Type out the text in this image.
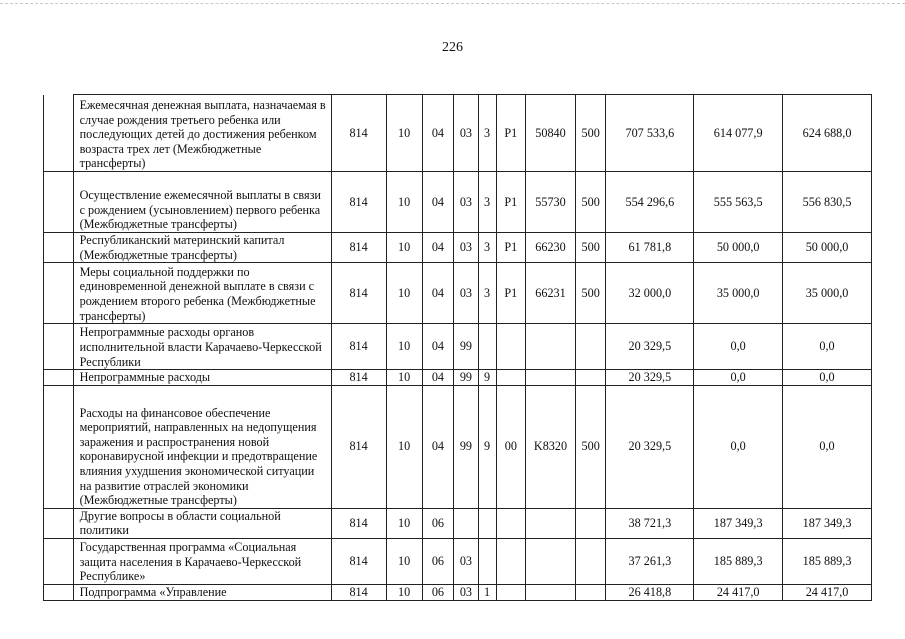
226
	Ежемесячная денежная выплата, назначаемая в случае рождения третьего ребенка или последующих детей до достижения ребенком возраста трех лет (Межбюджетные трансферты)	814	10	04	03	3	P1	50840	500	707 533,6	614 077,9	624 688,0
	Осуществление ежемесячной выплаты в связи с рождением (усыновлением) первого ребенка (Межбюджетные трансферты)	814	10	04	03	3	P1	55730	500	554 296,6	555 563,5	556 830,5
	Республиканский материнский капитал (Межбюджетные трансферты)	814	10	04	03	3	P1	66230	500	61 781,8	50 000,0	50 000,0
	Меры социальной поддержки по единовременной денежной выплате в связи с рождением второго ребенка (Межбюджетные трансферты)	814	10	04	03	3	P1	66231	500	32 000,0	35 000,0	35 000,0
	Непрограммные расходы органов исполнительной власти Карачаево-Черкесской Республики	814	10	04	99					20 329,5	0,0	0,0
	Непрограммные расходы	814	10	04	99	9				20 329,5	0,0	0,0
	Расходы на финансовое обеспечение мероприятий, направленных на недопущения заражения и распространения новой коронавирусной инфекции и предотвращение влияния ухудшения экономической ситуации на развитие отраслей экономики (Межбюджетные трансферты)	814	10	04	99	9	00	K8320	500	20 329,5	0,0	0,0
	Другие вопросы в области социальной политики	814	10	06						38 721,3	187 349,3	187 349,3
	Государственная программа «Социальная защита населения в Карачаево-Черкесской Республике»	814	10	06	03					37 261,3	185 889,3	185 889,3
	Подпрограмма «Управление	814	10	06	03	1				26 418,8	24 417,0	24 417,0
